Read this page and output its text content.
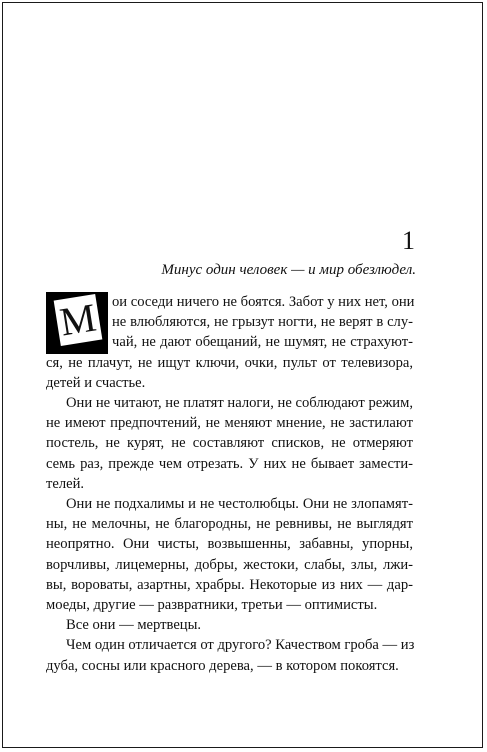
1
Минус один человек — и мир обезлюдел.
М ои соседи ничего не боятся. Забот у них нет, они
не влюбляются, не грызут ногти, не верят в слу-
чай, не дают обещаний, не шумят, не страхуют-
ся, не плачут, не ищут ключи, очки, пульт от телевизора,
детей и счастье.
Они не читают, не платят налоги, не соблюдают режим,
не имеют предпочтений, не меняют мнение, не застилают
постель, не курят, не составляют списков, не отмеряют
семь раз, прежде чем отрезать. У них не бывает замести-
телей.
Они не подхалимы и не честолюбцы. Они не злопамят-
ны, не мелочны, не благородны, не ревнивы, не выглядят
неопрятно. Они чисты, возвышенны, забавны, упорны,
ворчливы, лицемерны, добры, жестоки, слабы, злы, лжи-
вы, вороваты, азартны, храбры. Некоторые из них — дар-
моеды, другие — развратники, третьи — оптимисты.
Все они — мертвецы.
Чем один отличается от другого? Качеством гроба — из
дуба, сосны или красного дерева, — в котором покоятся.
